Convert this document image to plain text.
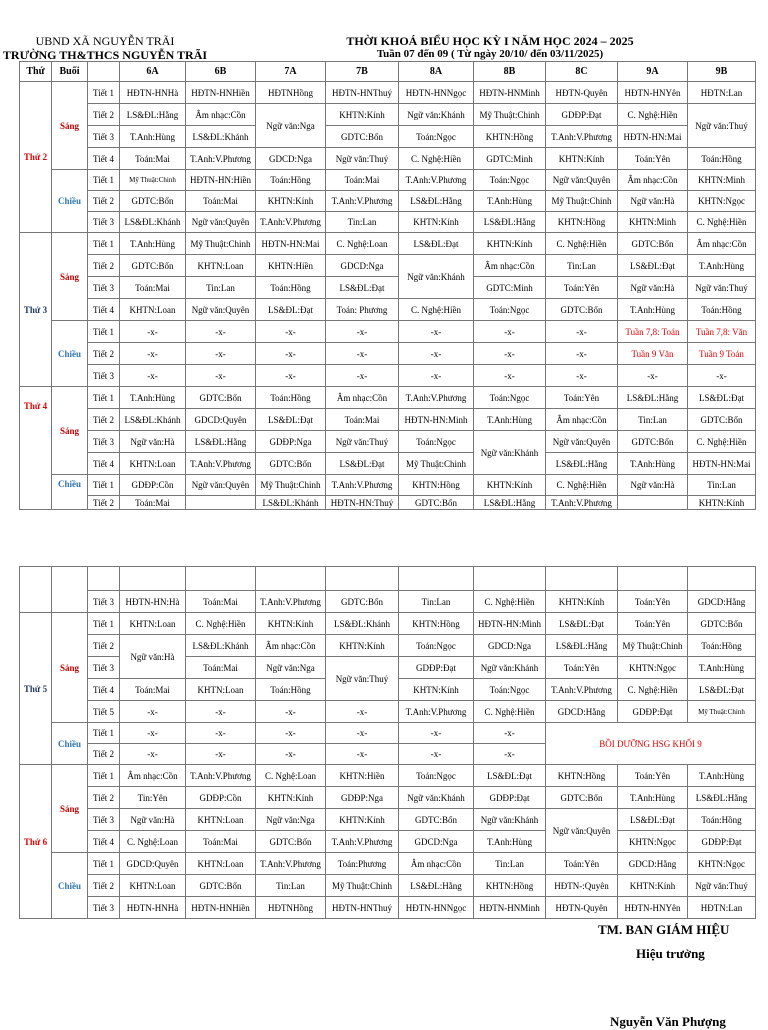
UBND XÃ NGUYỄN TRÃI
TRƯỜNG TH&THCS NGUYỄN TRÃI
THỜI KHOÁ BIỂU HỌC KỲ I NĂM HỌC 2024 – 2025
Tuần 07 đến 09 ( Từ ngày 20/10/ đến 03/11/2025)
Thứ	Buổi		6A	6B	7A	7B	8A	8B	8C	9A	9B
Thứ 2	Sáng	Tiết 1	HĐTN-HNHà	HĐTN-HNHiền	HĐTNHồng	HĐTN-HNThuý	HĐTN-HNNgọc	HĐTN-HNMinh	HĐTN-Quyên	HĐTN-HNYên	HĐTN:Lan
		Tiết 2	LS&ĐL:Hằng	Âm nhạc:Cồn	Ngữ văn:Nga	KHTN:Kính	Ngữ văn:Khánh	Mỹ Thuật:Chinh	GDĐP:Đạt	C. Nghệ:Hiền	Ngữ văn:Thuý
		Tiết 3	T.Anh:Hùng	LS&ĐL:Khánh		GDTC:Bốn	Toán:Ngọc	KHTN:Hồng	T.Anh:V.Phương	HĐTN-HN:Mai	
		Tiết 4	Toán:Mai	T.Anh:V.Phương	GDCD:Nga	Ngữ văn:Thuý	C. Nghệ:Hiền	GDTC:Minh	KHTN:Kính	Toán:Yên	Toán:Hồng
	Chiều	Tiết 1	Mỹ Thuật:Chinh	HĐTN-HN:Hiền	Toán:Hồng	Toán:Mai	T.Anh:V.Phương	Toán:Ngọc	Ngữ văn:Quyên	Âm nhạc:Cồn	KHTN:Minh
		Tiết 2	GDTC:Bốn	Toán:Mai	KHTN:Kính	T.Anh:V.Phương	LS&ĐL:Hằng	T.Anh:Hùng	Mỹ Thuật:Chinh	Ngữ văn:Hà	KHTN:Ngọc
		Tiết 3	LS&ĐL:Khánh	Ngữ văn:Quyên	T.Anh:V.Phương	Tin:Lan	KHTN:Kính	LS&ĐL:Hằng	KHTN:Hồng	KHTN:Minh	C. Nghệ:Hiền
Thứ 3	Sáng	Tiết 1	T.Anh:Hùng	Mỹ Thuật:Chinh	HĐTN-HN:Mai	C. Nghệ:Loan	LS&ĐL:Đạt	KHTN:Kính	C. Nghệ:Hiền	GDTC:Bốn	Âm nhạc:Cồn
		Tiết 2	GDTC:Bốn	KHTN:Loan	KHTN:Hiền	GDCD:Nga	Ngữ văn:Khánh	Âm nhạc:Cồn	Tin:Lan	LS&ĐL:Đạt	T.Anh:Hùng
		Tiết 3	Toán:Mai	Tin:Lan	Toán:Hồng	LS&ĐL:Đạt		GDTC:Minh	Toán:Yên	Ngữ văn:Hà	Ngữ văn:Thuý
		Tiết 4	KHTN:Loan	Ngữ văn:Quyên	LS&ĐL:Đạt	Toán: Phương	C. Nghệ:Hiền	Toán:Ngọc	GDTC:Bốn	T.Anh:Hùng	Toán:Hồng
	Chiều	Tiết 1	-x-	-x-	-x-	-x-	-x-	-x-	-x-	Tuần 7,8: Toán	Tuần 7,8: Văn
		Tiết 2	-x-	-x-	-x-	-x-	-x-	-x-	-x-	Tuần 9 Văn	Tuần 9 Toán
		Tiết 3	-x-	-x-	-x-	-x-	-x-	-x-	-x-	-x-	-x-
Thứ 4	Sáng	Tiết 1	T.Anh:Hùng	GDTC:Bốn	Toán:Hồng	Âm nhạc:Cồn	T.Anh:V.Phương	Toán:Ngọc	Toán:Yên	LS&ĐL:Hằng	LS&ĐL:Đạt
		Tiết 2	LS&ĐL:Khánh	GDCD:Quyên	LS&ĐL:Đạt	Toán:Mai	HĐTN-HN:Minh	T.Anh:Hùng	Âm nhạc:Cồn	Tin:Lan	GDTC:Bốn
		Tiết 3	Ngữ văn:Hà	LS&ĐL:Hằng	GDĐP:Nga	Ngữ văn:Thuý	Toán:Ngọc	Ngữ văn:Khánh	Ngữ văn:Quyên	GDTC:Bốn	C. Nghệ:Hiền
		Tiết 4	KHTN:Loan	T.Anh:V.Phương	GDTC:Bốn	LS&ĐL:Đạt	Mỹ Thuật:Chinh		LS&ĐL:Hằng	T.Anh:Hùng	HĐTN-HN:Mai
	Chiều	Tiết 1	GDĐP:Cồn	Ngữ văn:Quyên	Mỹ Thuật:Chinh	T.Anh:V.Phương	KHTN:Hồng	KHTN:Kính	C. Nghệ:Hiền	Ngữ văn:Hà	Tin:Lan
		Tiết 2	Toán:Mai		LS&ĐL:Khánh	HĐTN-HN:Thuý	GDTC:Bốn	LS&ĐL:Hằng	T.Anh:V.Phương		KHTN:Kính

		Tiết 3	HĐTN-HN:Hà	Toán:Mai	T.Anh:V.Phương	GDTC:Bốn	Tin:Lan	C. Nghệ:Hiền	KHTN:Kính	Toán:Yên	GDCD:Hằng
Thứ 5	Sáng	Tiết 1	KHTN:Loan	C. Nghệ:Hiền	KHTN:Kính	LS&ĐL:Khánh	KHTN:Hồng	HĐTN-HN:Minh	LS&ĐL:Đạt	Toán:Yên	GDTC:Bốn
		Tiết 2	Ngữ văn:Hà	LS&ĐL:Khánh	Âm nhạc:Cồn	KHTN:Kính	Toán:Ngọc	GDCD:Nga	LS&ĐL:Hằng	Mỹ Thuật:Chinh	Toán:Hồng
		Tiết 3		Toán:Mai	Ngữ văn:Nga	Ngữ văn:Thuý	GDĐP:Đạt	Ngữ văn:Khánh	Toán:Yên	KHTN:Ngọc	T.Anh:Hùng
		Tiết 4	Toán:Mai	KHTN:Loan	Toán:Hồng		KHTN:Kính	Toán:Ngọc	T.Anh:V.Phương	C. Nghệ:Hiền	LS&ĐL:Đạt
		Tiết 5	-x-	-x-	-x-	-x-	T.Anh:V.Phương	C. Nghệ:Hiền	GDCD:Hằng	GDĐP:Đạt	Mỹ Thuật:Chinh
	Chiều	Tiết 1	-x-	-x-	-x-	-x-	-x-	-x-	BỒI DƯỠNG HSG KHỐI 9		
		Tiết 2	-x-	-x-	-x-	-x-	-x-	-x-			
Thứ 6	Sáng	Tiết 1	Âm nhạc:Cồn	T.Anh:V.Phương	C. Nghệ:Loan	KHTN:Hiền	Toán:Ngọc	LS&ĐL:Đạt	KHTN:Hồng	Toán:Yên	T.Anh:Hùng
		Tiết 2	Tin:Yên	GDĐP:Cồn	KHTN:Kính	GDĐP:Nga	Ngữ văn:Khánh	GDĐP:Đạt	GDTC:Bốn	T.Anh:Hùng	LS&ĐL:Hằng
		Tiết 3	Ngữ văn:Hà	KHTN:Loan	Ngữ văn:Nga	KHTN:Kính	GDTC:Bốn	Ngữ văn:Khánh	Ngữ văn:Quyên	LS&ĐL:Đạt	Toán:Hồng
		Tiết 4	C. Nghệ:Loan	Toán:Mai	GDTC:Bốn	T.Anh:V.Phương	GDCD:Nga	T.Anh:Hùng		KHTN:Ngọc	GDĐP:Đạt
	Chiều	Tiết 1	GDCD:Quyên	KHTN:Loan	T.Anh:V.Phương	Toán:Phương	Âm nhạc:Cồn	Tin:Lan	Toán:Yên	GDCD:Hằng	KHTN:Ngọc
		Tiết 2	KHTN:Loan	GDTC:Bốn	Tin:Lan	Mỹ Thuật:Chinh	LS&ĐL:Hằng	KHTN:Hồng	HĐTN-:Quyên	KHTN:Kính	Ngữ văn:Thuý
		Tiết 3	HĐTN-HNHà	HĐTN-HNHiền	HĐTNHồng	HĐTN-HNThuý	HĐTN-HNNgọc	HĐTN-HNMinh	HĐTN-Quyên	HĐTN-HNYên	HĐTN:Lan
TM. BAN GIÁM HIỆU
Hiệu trưởng
Nguyễn Văn Phượng
